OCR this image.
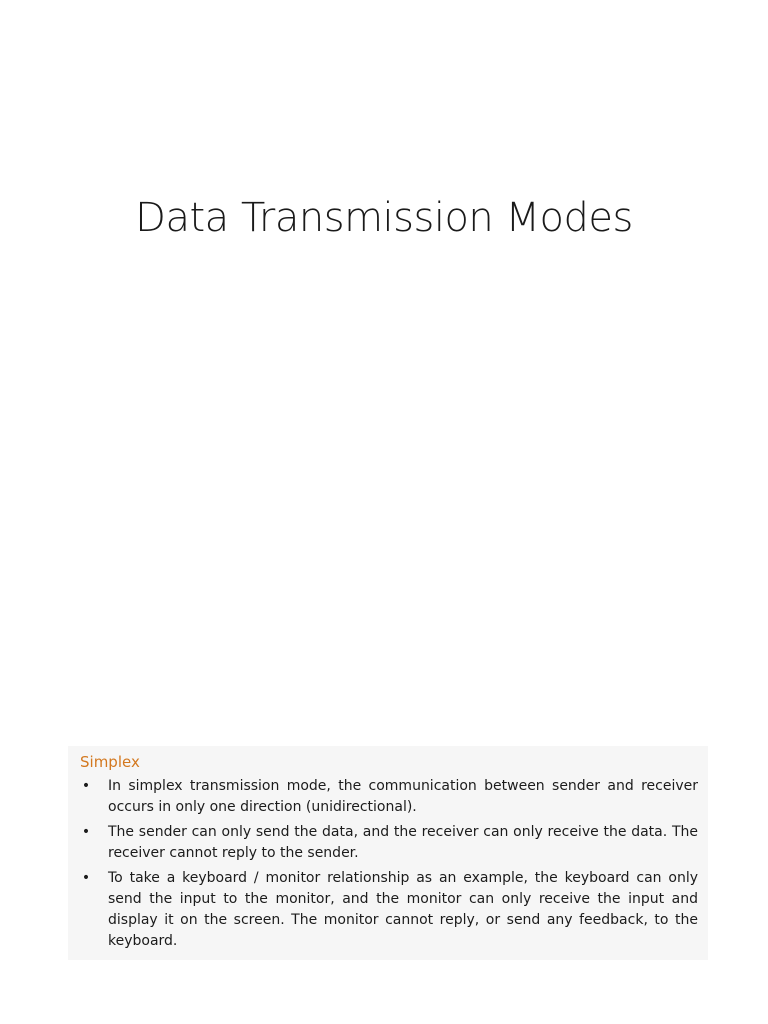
Data Transmission Modes
Simplex
• In simplex transmission mode, the communication between sender and receiver occurs in only one direction (unidirectional).
• The sender can only send the data, and the receiver can only receive the data. The receiver cannot reply to the sender.
• To take a keyboard / monitor relationship as an example, the keyboard can only send the input to the monitor, and the monitor can only receive the input and display it on the screen. The monitor cannot reply, or send any feedback, to the keyboard.
